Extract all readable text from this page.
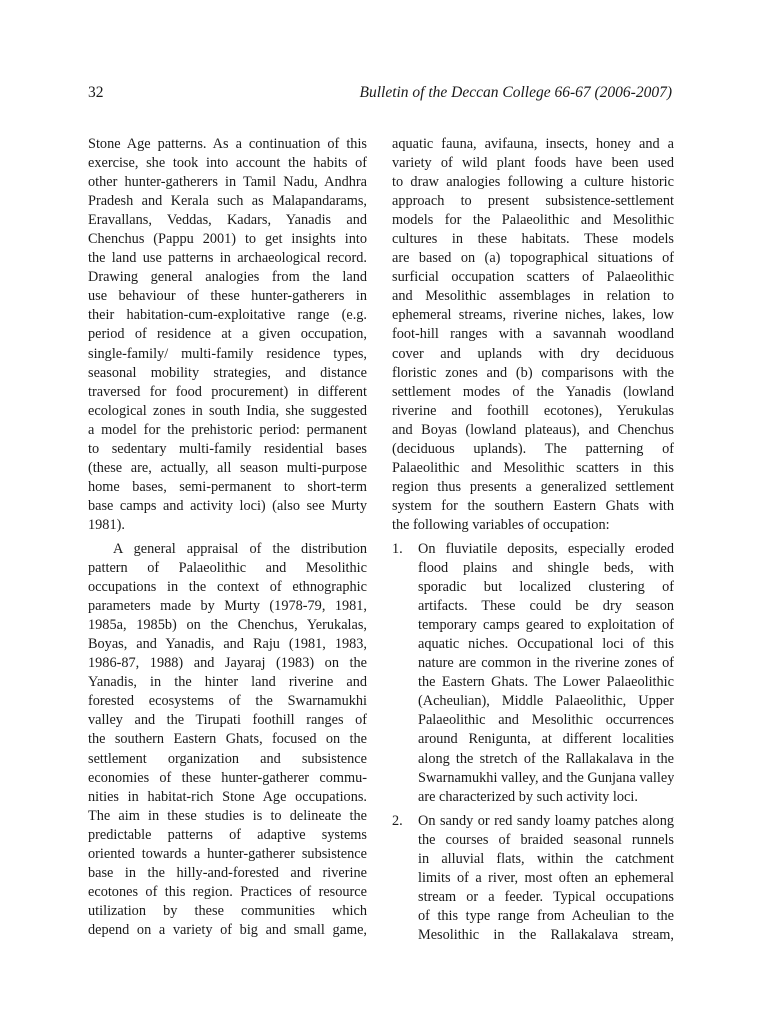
32	Bulletin of the Deccan College 66-67 (2006-2007)
Stone Age patterns. As a continuation of this
exercise, she took into account the habits of
other hunter-gatherers in Tamil Nadu, Andhra
Pradesh and Kerala such as Malapandarams,
Eravallans, Veddas, Kadars, Yanadis and
Chenchus (Pappu 2001) to get insights into
the land use patterns in archaeological record.
Drawing general analogies from the land
use behaviour of these hunter-gatherers in
their habitation-cum-exploitative range (e.g.
period of residence at a given occupation,
single-family/ multi-family residence types,
seasonal mobility strategies, and distance
traversed for food procurement) in different
ecological zones in south India, she suggested
a model for the prehistoric period: permanent
to sedentary multi-family residential bases
(these are, actually, all season multi-purpose
home bases, semi-permanent to short-term
base camps and activity loci) (also see Murty
1981).
A general appraisal of the distribution
pattern of Palaeolithic and Mesolithic
occupations in the context of ethnographic
parameters made by Murty (1978-79, 1981,
1985a, 1985b) on the Chenchus, Yerukalas,
Boyas, and Yanadis, and Raju (1981, 1983,
1986-87, 1988) and Jayaraj (1983) on the
Yanadis, in the hinter land riverine and
forested ecosystems of the Swarnamukhi
valley and the Tirupati foothill ranges of
the southern Eastern Ghats, focused on the
settlement organization and subsistence
economies of these hunter-gatherer commu-
nities in habitat-rich Stone Age occupations.
The aim in these studies is to delineate the
predictable patterns of adaptive systems
oriented towards a hunter-gatherer subsistence
base in the hilly-and-forested and riverine
ecotones of this region. Practices of resource
utilization by these communities which
depend on a variety of big and small game,
aquatic fauna, avifauna, insects, honey and a
variety of wild plant foods have been used
to draw analogies following a culture historic
approach to present subsistence-settlement
models for the Palaeolithic and Mesolithic
cultures in these habitats. These models
are based on (a) topographical situations of
surficial occupation scatters of Palaeolithic
and Mesolithic assemblages in relation to
ephemeral streams, riverine niches, lakes, low
foot-hill ranges with a savannah woodland
cover and uplands with dry deciduous
floristic zones and (b) comparisons with the
settlement modes of the Yanadis (lowland
riverine and foothill ecotones), Yerukulas
and Boyas (lowland plateaus), and Chenchus
(deciduous uplands). The patterning of
Palaeolithic and Mesolithic scatters in this
region thus presents a generalized settlement
system for the southern Eastern Ghats with
the following variables of occupation:
1. On fluviatile deposits, especially eroded
flood plains and shingle beds, with
sporadic but localized clustering of
artifacts. These could be dry season
temporary camps geared to exploitation of
aquatic niches. Occupational loci of this
nature are common in the riverine zones of
the Eastern Ghats. The Lower Palaeolithic
(Acheulian), Middle Palaeolithic, Upper
Palaeolithic and Mesolithic occurrences
around Renigunta, at different localities
along the stretch of the Rallakalava in the
Swarnamukhi valley, and the Gunjana valley
are characterized by such activity loci.
2. On sandy or red sandy loamy patches along
the courses of braided seasonal runnels
in alluvial flats, within the catchment
limits of a river, most often an ephemeral
stream or a feeder. Typical occupations
of this type range from Acheulian to the
Mesolithic in the Rallakalava stream,
